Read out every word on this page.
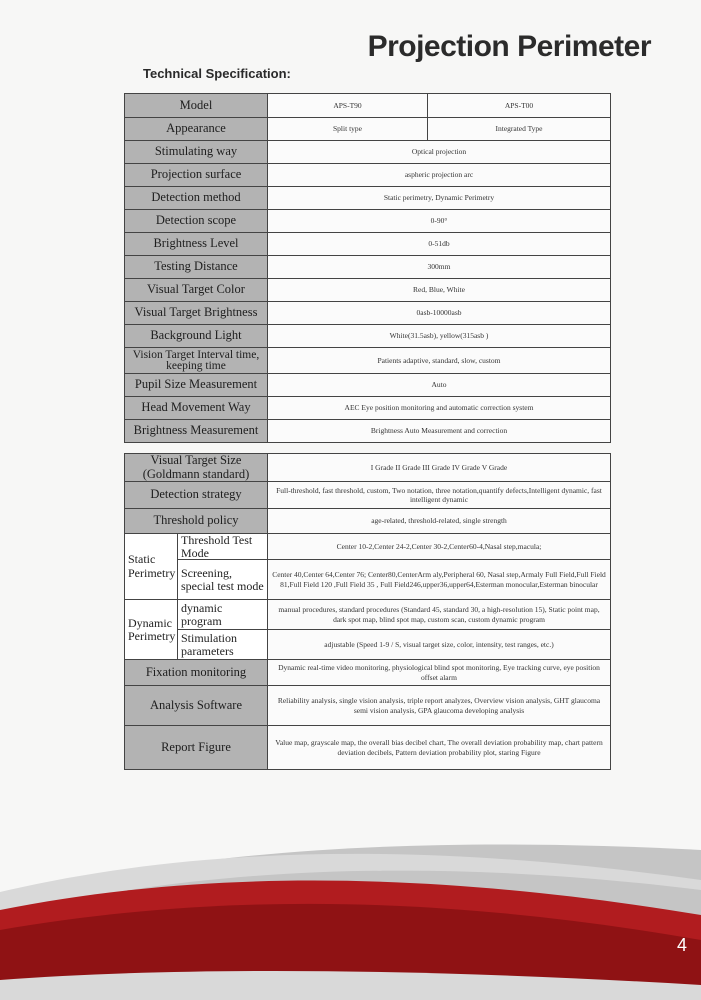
Projection Perimeter
Technical Specification:
Model	APS-T90	APS-T00
Appearance	Split type	Integrated Type
Stimulating way	Optical projection	
Projection surface	aspheric projection arc	
Detection method	Static perimetry, Dynamic Perimetry	
Detection scope	0-90°	
Brightness Level	0-51db	
Testing Distance	300mm	
Visual Target Color	Red, Blue, White	
Visual Target Brightness	0asb-10000asb	
Background Light	White(31.5asb), yellow(315asb )	
Vision Target Interval time, keeping time	Patients adaptive, standard, slow, custom	
Pupil Size Measurement	Auto	
Head Movement Way	AEC Eye position monitoring and automatic correction system	
Brightness Measurement	Brightness Auto Measurement and correction	
Visual Target Size (Goldmann standard)		I Grade II Grade III Grade IV Grade V Grade
Detection strategy		Full-threshold, fast threshold, custom, Two notation, three notation,quantify defects,Intelligent dynamic, fast intelligent dynamic
Threshold policy		age-related, threshold-related, single strength
Static Perimetry	Threshold Test Mode	Center 10-2,Center 24-2,Center 30-2,Center60-4,Nasal step,macula;
	Screening, special test mode	Center 40,Center 64,Center 76; Center80,CenterArm aly,Peripheral 60, Nasal step,Armaly Full Field,Full Field 81,Full Field 120 ,Full Field 35 , Full Field246,upper36,upper64,Esterman monocular,Esterman binocular
Dynamic Perimetry	dynamic program	manual procedures, standard procedures (Standard 45, standard 30, a high-resolution 15), Static point map, dark spot map, blind spot map, custom scan, custom dynamic program
	Stimulation parameters	adjustable (Speed 1-9 / S, visual target size, color, intensity, test ranges, etc.)
Fixation monitoring		Dynamic real-time video monitoring, physiological blind spot monitoring, Eye tracking curve, eye position offset alarm
Analysis Software		Reliability analysis, single vision analysis, triple report analyzes, Overview vision analysis, GHT glaucoma semi vision analysis, GPA glaucoma developing analysis
Report Figure		Value map, grayscale map, the overall bias decibel chart, The overall deviation probability map, chart pattern deviation decibels, Pattern deviation probability plot, staring Figure
4
